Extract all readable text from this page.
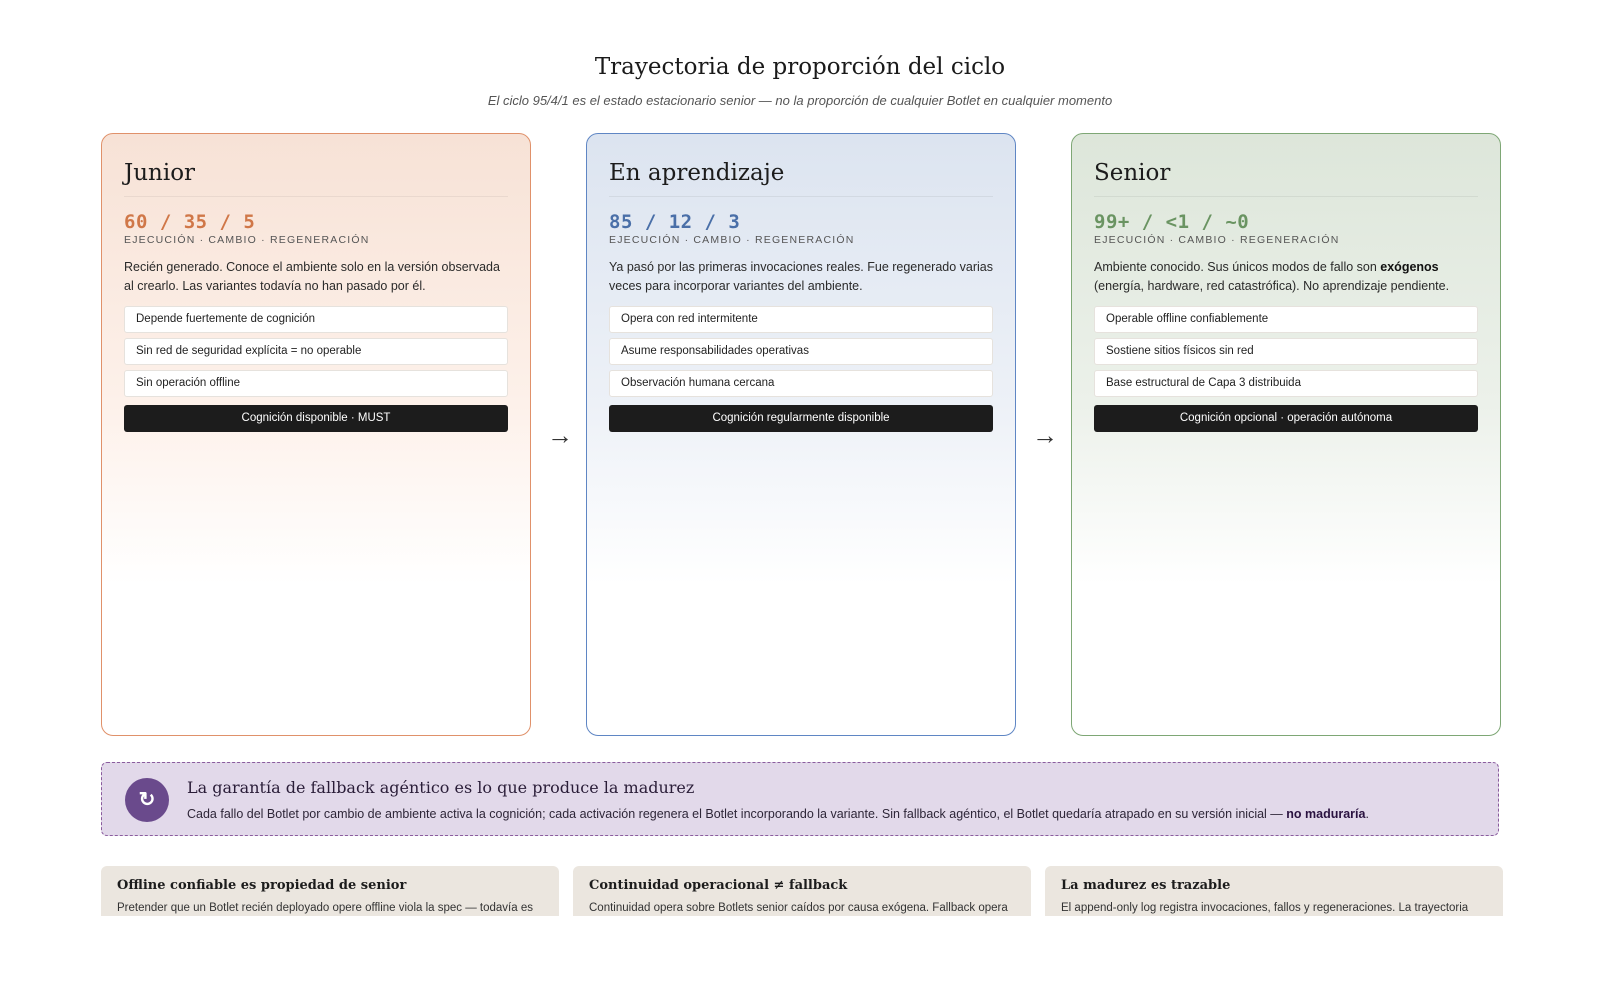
Trayectoria de proporción del ciclo
El ciclo 95/4/1 es el estado estacionario senior — no la proporción de cualquier Botlet en cualquier momento
Junior
60 / 35 / 5
EJECUCIÓN · CAMBIO · REGENERACIÓN
Recién generado. Conoce el ambiente solo en la versión observada al crearlo. Las variantes todavía no han pasado por él.
Depende fuertemente de cognición
Sin red de seguridad explícita = no operable
Sin operación offline
Cognición disponible · MUST
→
En aprendizaje
85 / 12 / 3
EJECUCIÓN · CAMBIO · REGENERACIÓN
Ya pasó por las primeras invocaciones reales. Fue regenerado varias veces para incorporar variantes del ambiente.
Opera con red intermitente
Asume responsabilidades operativas
Observación humana cercana
Cognición regularmente disponible
→
Senior
99+ / <1 / ~0
EJECUCIÓN · CAMBIO · REGENERACIÓN
Ambiente conocido. Sus únicos modos de fallo son exógenos (energía, hardware, red catastrófica). No aprendizaje pendiente.
Operable offline confiablemente
Sostiene sitios físicos sin red
Base estructural de Capa 3 distribuida
Cognición opcional · operación autónoma
↻
La garantía de fallback agéntico es lo que produce la madurez
Cada fallo del Botlet por cambio de ambiente activa la cognición; cada activación regenera el Botlet incorporando la variante. Sin fallback agéntico, el Botlet quedaría atrapado en su versión inicial — no maduraría.
Offline confiable es propiedad de senior
Pretender que un Botlet recién deployado opere offline viola la spec — todavía es
Continuidad operacional ≠ fallback
Continuidad opera sobre Botlets senior caídos por causa exógena. Fallback opera
La madurez es trazable
El append-only log registra invocaciones, fallos y regeneraciones. La trayectoria
